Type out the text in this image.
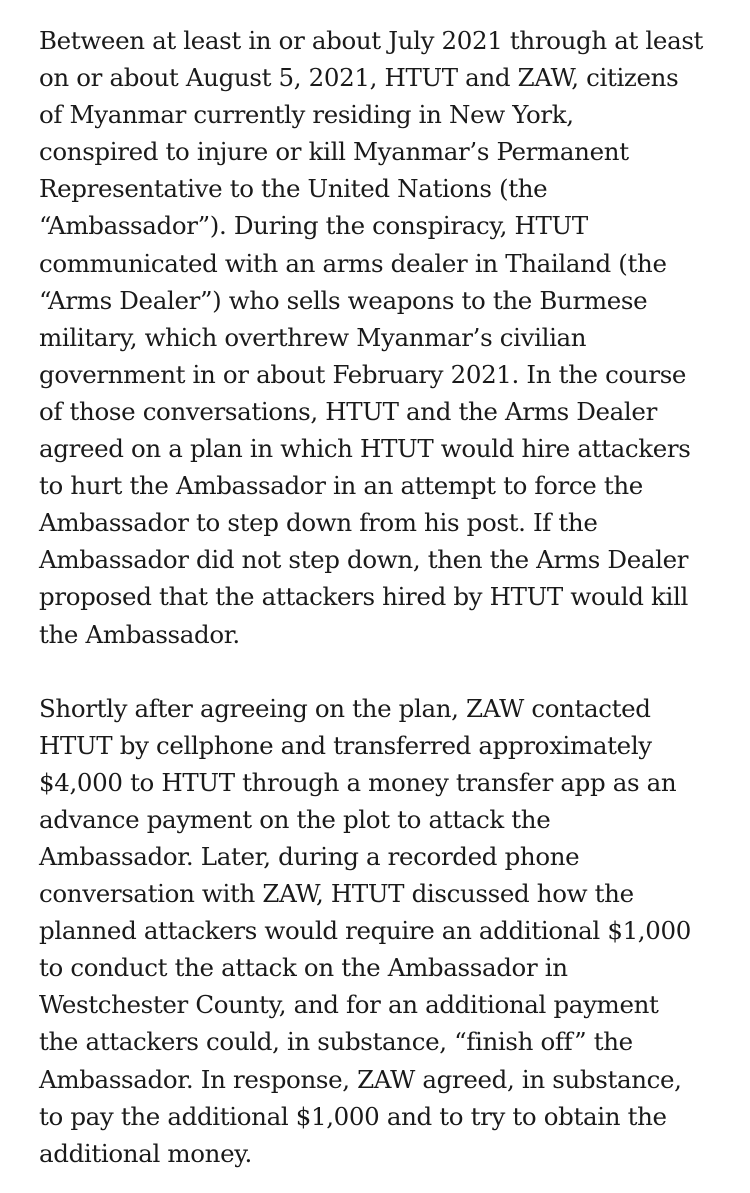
Between at least in or about July 2021 through at least
on or about August 5, 2021, HTUT and ZAW, citizens
of Myanmar currently residing in New York,
conspired to injure or kill Myanmar’s Permanent
Representative to the United Nations (the
“Ambassador”). During the conspiracy, HTUT
communicated with an arms dealer in Thailand (the
“Arms Dealer”) who sells weapons to the Burmese
military, which overthrew Myanmar’s civilian
government in or about February 2021. In the course
of those conversations, HTUT and the Arms Dealer
agreed on a plan in which HTUT would hire attackers
to hurt the Ambassador in an attempt to force the
Ambassador to step down from his post. If the
Ambassador did not step down, then the Arms Dealer
proposed that the attackers hired by HTUT would kill
the Ambassador.

Shortly after agreeing on the plan, ZAW contacted
HTUT by cellphone and transferred approximately
$4,000 to HTUT through a money transfer app as an
advance payment on the plot to attack the
Ambassador. Later, during a recorded phone
conversation with ZAW, HTUT discussed how the
planned attackers would require an additional $1,000
to conduct the attack on the Ambassador in
Westchester County, and for an additional payment
the attackers could, in substance, “finish off” the
Ambassador. In response, ZAW agreed, in substance,
to pay the additional $1,000 and to try to obtain the
additional money.
